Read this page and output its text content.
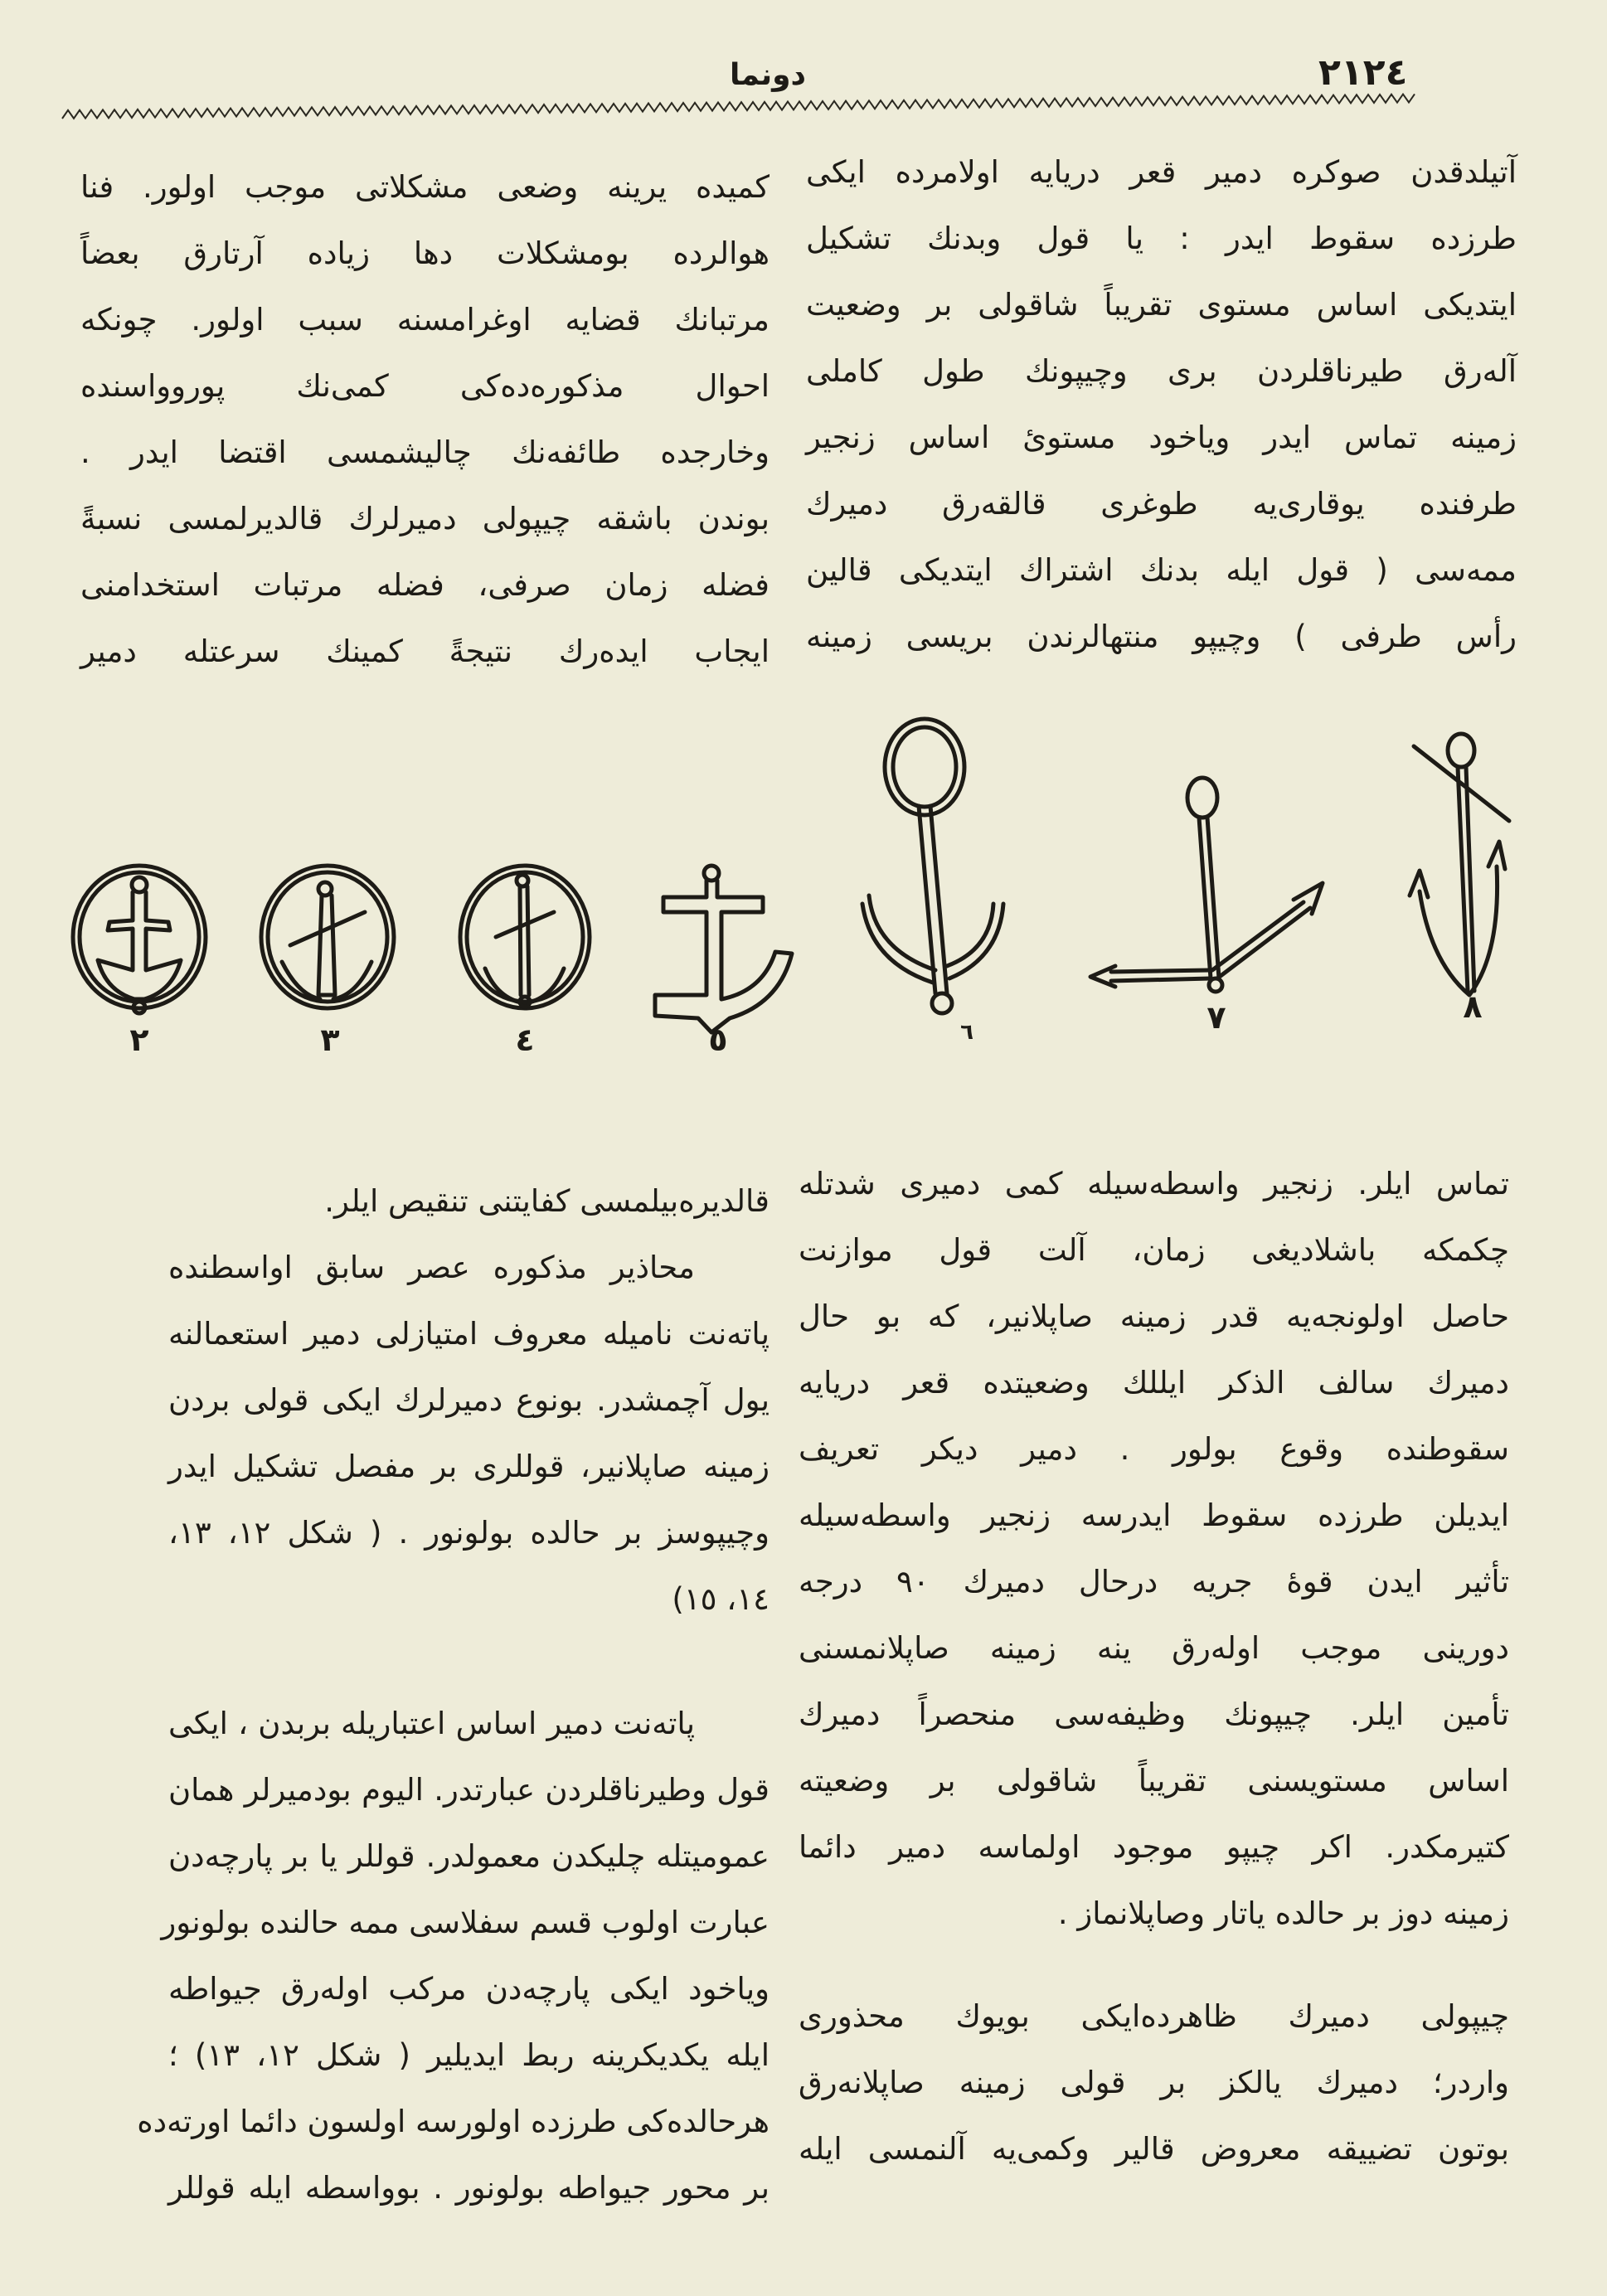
٢١٢٤
دونما
آتیلدقدن صوکره دمیر قعر دریایه اولامرده ایکی
طرزده سقوط ایدر : یا قول وبدنك تشکیل
ایتدیکی اساس مستوی تقریباً شاقولی بر وضعیت
آله‌رق طیرناقلردن بری وچیپونك طول کاملی
زمینه تماس ایدر ویاخود مستویٔ اساس زنجیر
طرفنده یوقاری‌یه طوغری قالقه‌رق دمیرك
ممه‌سی ( قول ایله بدنك اشتراك ایتدیکی قالین
رأس طرفی ) وچیپو منتهالرندن بریسی زمینه
کمیده یرینه وضعی مشکلاتی موجب اولور. فنا
هوالرده بومشکلات دها زیاده آرتارق بعضاً
مرتبانك قضایه اوغرامسنه سبب اولور. چونکه
احوال مذکوره‌ده‌کی کمی‌نك پوروواسنده
وخارجده طائفه‌نك چالیشمسی اقتضا ایدر .
بوندن باشقه چیپولی دمیرلرك قالدیرلمسی نسبةً
فضله زمان صرفی، فضله مرتبات استخدامنی
ایجاب ایده‌رك نتیجةً کمینك سرعتله دمیر
تماس ایلر. زنجیر واسطه‌سیله کمی دمیری شدتله
چکمکه باشلادیغی زمان، آلت قول موازنت
حاصل اولونجه‌یه قدر زمینه صاپلانیر، که بو حال
دمیرك سالف الذکر ایللك وضعیتده قعر دریایه
سقوطنده وقوع بولور . دمیر دیکر تعریف
ایدیلن طرزده سقوط ایدرسه زنجیر واسطه‌سیله
تأثیر ایدن قوهٔ جریه درحال دمیرك ٩٠ درجه
دورینی موجب اوله‌رق ینه زمینه صاپلانمسنی
تأمین ایلر. چیپونك وظیفه‌سی منحصراً دمیرك
اساس مستویسنی تقریباً شاقولی بر وضعیته
کتیرمکدر. اکر چیپو موجود اولماسه دمیر دائما
زمینه دوز بر حالده یاتار وصاپلانماز .
چیپولی دمیرك ظاهرده‌ایکی بویوك محذوری
واردر؛ دمیرك یالکز بر قولی زمینه صاپلانه‌رق
بوتون تضییقه معروض قالیر وکمی‌یه آلنمسی ایله
قالدیره‌بیلمسی کفایتنی تنقیص ایلر.
محاذیر مذکوره عصر سابق اواسطنده
پاته‌نت نامیله معروف امتیازلی دمیر استعمالنه
یول آچمشدر. بونوع دمیرلرك ایکی قولی بردن
زمینه صاپلانیر، قوللری بر مفصل تشکیل ایدر
وچیپوسز بر حالده بولونور . ( شکل ١٢، ١٣،
١٤، ١٥)
پاته‌نت دمیر اساس اعتباریله بربدن ، ایکی
قول وطیرناقلردن عبارتدر. الیوم بودمیرلر همان
عمومیتله چلیکدن معمولدر. قوللر یا بر پارچه‌دن
عبارت اولوب قسم سفلاسی ممه حالنده بولونور
ویاخود ایکی پارچه‌دن مرکب اوله‌رق جیواطه
ایله یکدیکرینه ربط ایدیلیر ( شکل ١٢، ١٣) ؛
هرحالده‌کی طرزده اولورسه اولسون دائما اورته‌ده
بر محور جیواطه بولونور . بوواسطه ایله قوللر
٢	٣	٤	٥	٦	٧	٨
